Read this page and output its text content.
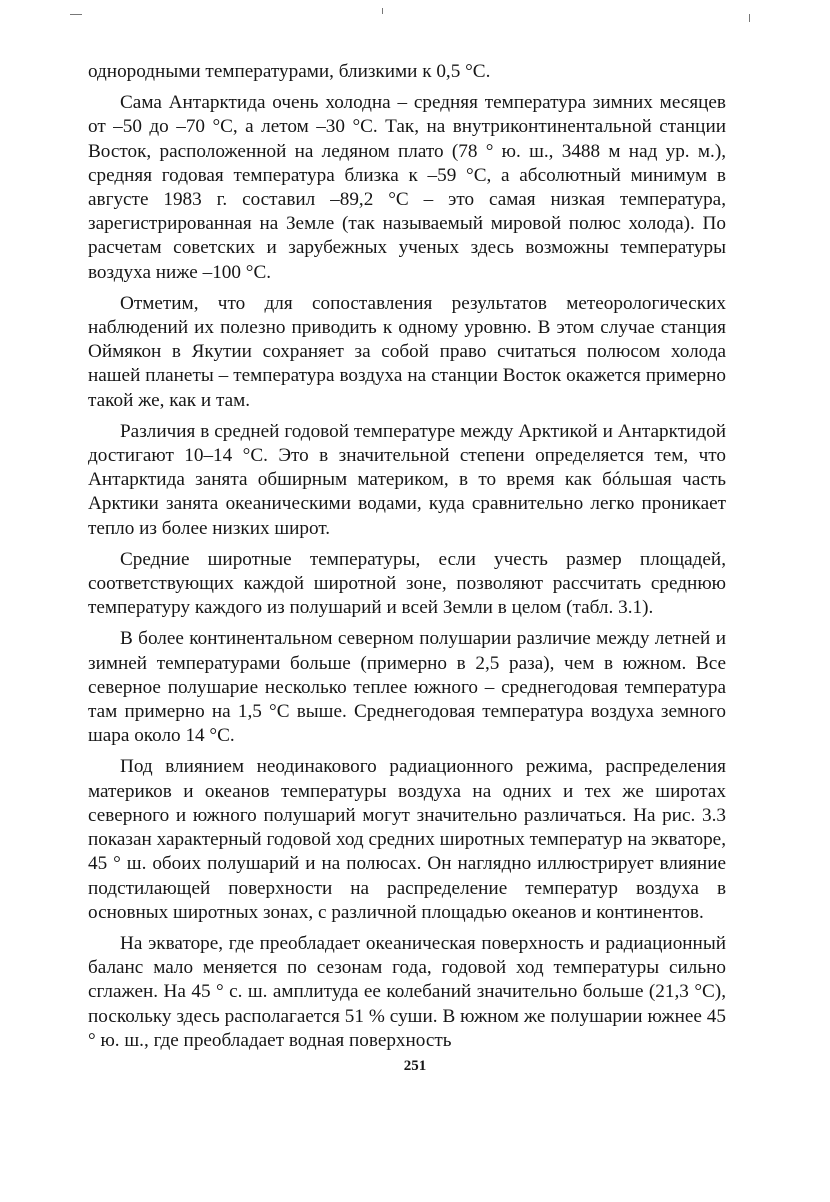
однородными температурами, близкими к 0,5 °С.

Сама Антарктида очень холодна – средняя температура зимних месяцев от –50 до –70 °С, а летом –30 °С. Так, на внутриконтинентальной станции Восток, расположенной на ледяном плато (78 ° ю. ш., 3488 м над ур. м.), средняя годовая температура близка к –59 °С, а абсолютный минимум в августе 1983 г. составил –89,2 °С – это самая низкая температура, зарегистрированная на Земле (так называемый мировой полюс холода). По расчетам советских и зарубежных ученых здесь возможны температуры воздуха ниже –100 °С.

Отметим, что для сопоставления результатов метеорологических наблюдений их полезно приводить к одному уровню. В этом случае станция Оймякон в Якутии сохраняет за собой право считаться полюсом холода нашей планеты – температура воздуха на станции Восток окажется примерно такой же, как и там.

Различия в средней годовой температуре между Арктикой и Антарктидой достигают 10–14 °С. Это в значительной степени определяется тем, что Антарктида занята обширным материком, в то время как бóльшая часть Арктики занята океаническими водами, куда сравнительно легко проникает тепло из более низких широт.

Средние широтные температуры, если учесть размер площадей, соответствующих каждой широтной зоне, позволяют рассчитать среднюю температуру каждого из полушарий и всей Земли в целом (табл. 3.1).

В более континентальном северном полушарии различие между летней и зимней температурами больше (примерно в 2,5 раза), чем в южном. Все северное полушарие несколько теплее южного – среднегодовая температура там примерно на 1,5 °С выше. Среднегодовая температура воздуха земного шара около 14 °С.

Под влиянием неодинакового радиационного режима, распределения материков и океанов температуры воздуха на одних и тех же широтах северного и южного полушарий могут значительно различаться. На рис. 3.3 показан характерный годовой ход средних широтных температур на экваторе, 45 ° ш. обоих полушарий и на полюсах. Он наглядно иллюстрирует влияние подстилающей поверхности на распределение температур воздуха в основных широтных зонах, с различной площадью океанов и континентов.

На экваторе, где преобладает океаническая поверхность и радиационный баланс мало меняется по сезонам года, годовой ход температуры сильно сглажен. На 45 ° с. ш. амплитуда ее колебаний значительно больше (21,3 °С), поскольку здесь располагается 51 % суши. В южном же полушарии южнее 45 ° ю. ш., где преобладает водная поверхность

251
